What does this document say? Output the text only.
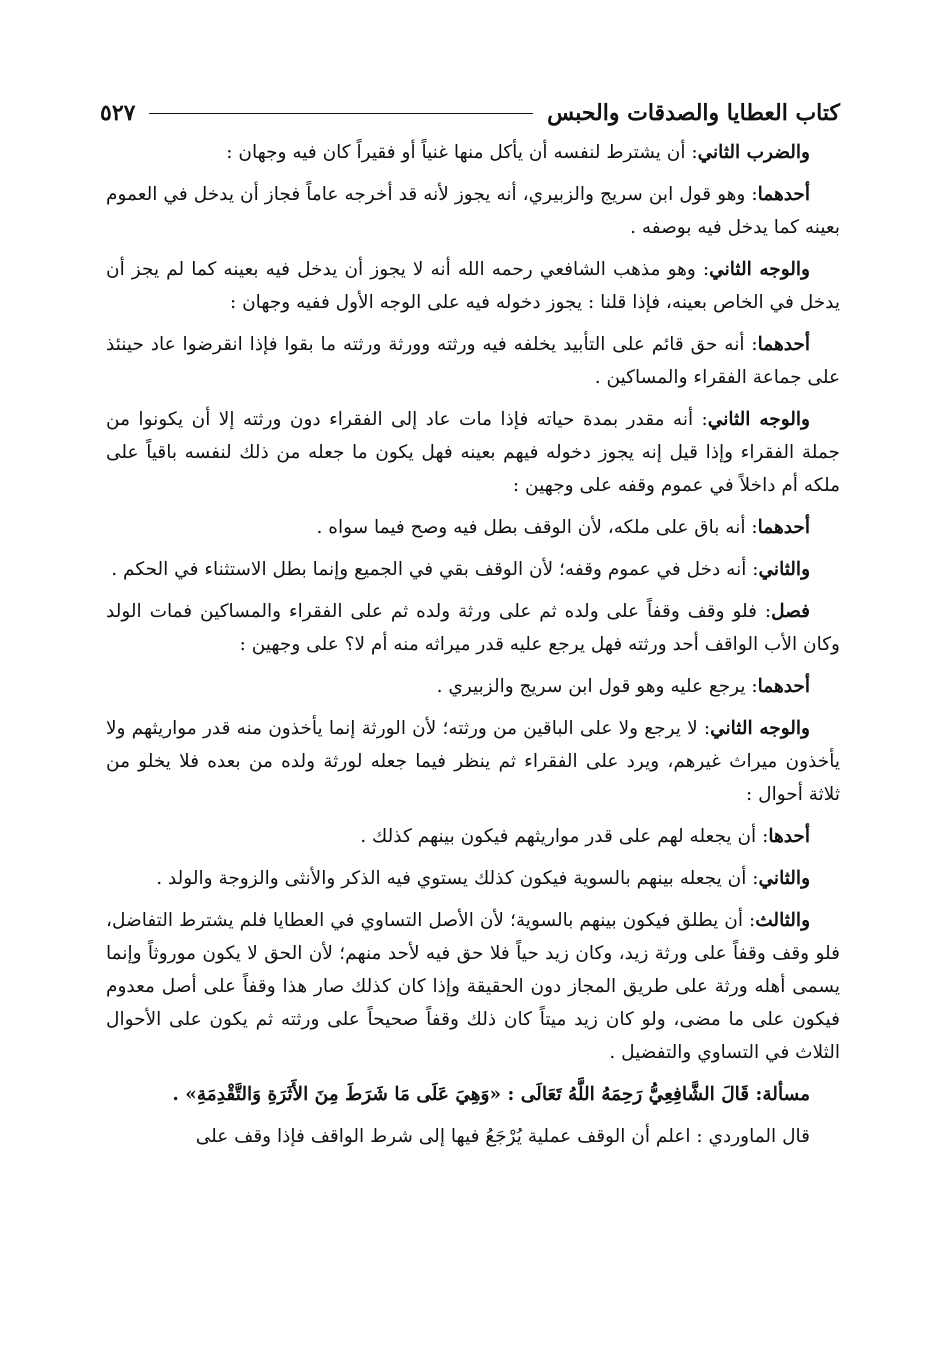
كتاب العطايا والصدقات والحبس
٥٢٧

والضرب الثاني: أن يشترط لنفسه أن يأكل منها غنياً أو فقيراً كان فيه وجهان :

أحدهما: وهو قول ابن سريج والزبيري، أنه يجوز لأنه قد أخرجه عاماً فجاز أن يدخل في العموم بعينه كما يدخل فيه بوصفه .

والوجه الثاني: وهو مذهب الشافعي رحمه الله أنه لا يجوز أن يدخل فيه بعينه كما لم يجز أن يدخل في الخاص بعينه، فإذا قلنا : يجوز دخوله فيه على الوجه الأول ففيه وجهان :

أحدهما: أنه حق قائم على التأبيد يخلفه فيه ورثته وورثة ورثته ما بقوا فإذا انقرضوا عاد حينئذ على جماعة الفقراء والمساكين .

والوجه الثاني: أنه مقدر بمدة حياته فإذا مات عاد إلى الفقراء دون ورثته إلا أن يكونوا من جملة الفقراء وإذا قيل إنه يجوز دخوله فيهم بعينه فهل يكون ما جعله من ذلك لنفسه باقياً على ملكه أم داخلاً في عموم وقفه على وجهين :

أحدهما: أنه باق على ملكه، لأن الوقف بطل فيه وصح فيما سواه .

والثاني: أنه دخل في عموم وقفه؛ لأن الوقف بقي في الجميع وإنما بطل الاستثناء في الحكم .

فصل: فلو وقف وقفاً على ولده ثم على ورثة ولده ثم على الفقراء والمساكين فمات الولد وكان الأب الواقف أحد ورثته فهل يرجع عليه قدر ميراثه منه أم لا؟ على وجهين :

أحدهما: يرجع عليه وهو قول ابن سريج والزبيري .

والوجه الثاني: لا يرجع ولا على الباقين من ورثته؛ لأن الورثة إنما يأخذون منه قدر مواريثهم ولا يأخذون ميراث غيرهم، ويرد على الفقراء ثم ينظر فيما جعله لورثة ولده من بعده فلا يخلو من ثلاثة أحوال :

أحدها: أن يجعله لهم على قدر مواريثهم فيكون بينهم كذلك .

والثاني: أن يجعله بينهم بالسوية فيكون كذلك يستوي فيه الذكر والأنثى والزوجة والولد .

والثالث: أن يطلق فيكون بينهم بالسوية؛ لأن الأصل التساوي في العطايا فلم يشترط التفاضل، فلو وقف وقفاً على ورثة زيد، وكان زيد حياً فلا حق فيه لأحد منهم؛ لأن الحق لا يكون موروثاً وإنما يسمى أهله ورثة على طريق المجاز دون الحقيقة وإذا كان كذلك صار هذا وقفاً على أصل معدوم فيكون على ما مضى، ولو كان زيد ميتاً كان ذلك وقفاً صحيحاً على ورثته ثم يكون على الأحوال الثلاث في التساوي والتفضيل .

مسألة: قَالَ الشَّافِعِيُّ رَحِمَهُ اللَّهُ تَعَالَى : «وَهِيَ عَلَى مَا شَرَطَ مِنَ الأَثَرَةِ وَالتَّقْدِمَةِ» .

قال الماوردي : اعلم أن الوقف عملية يُرْجَعُ فيها إلى شرط الواقف فإذا وقف على
